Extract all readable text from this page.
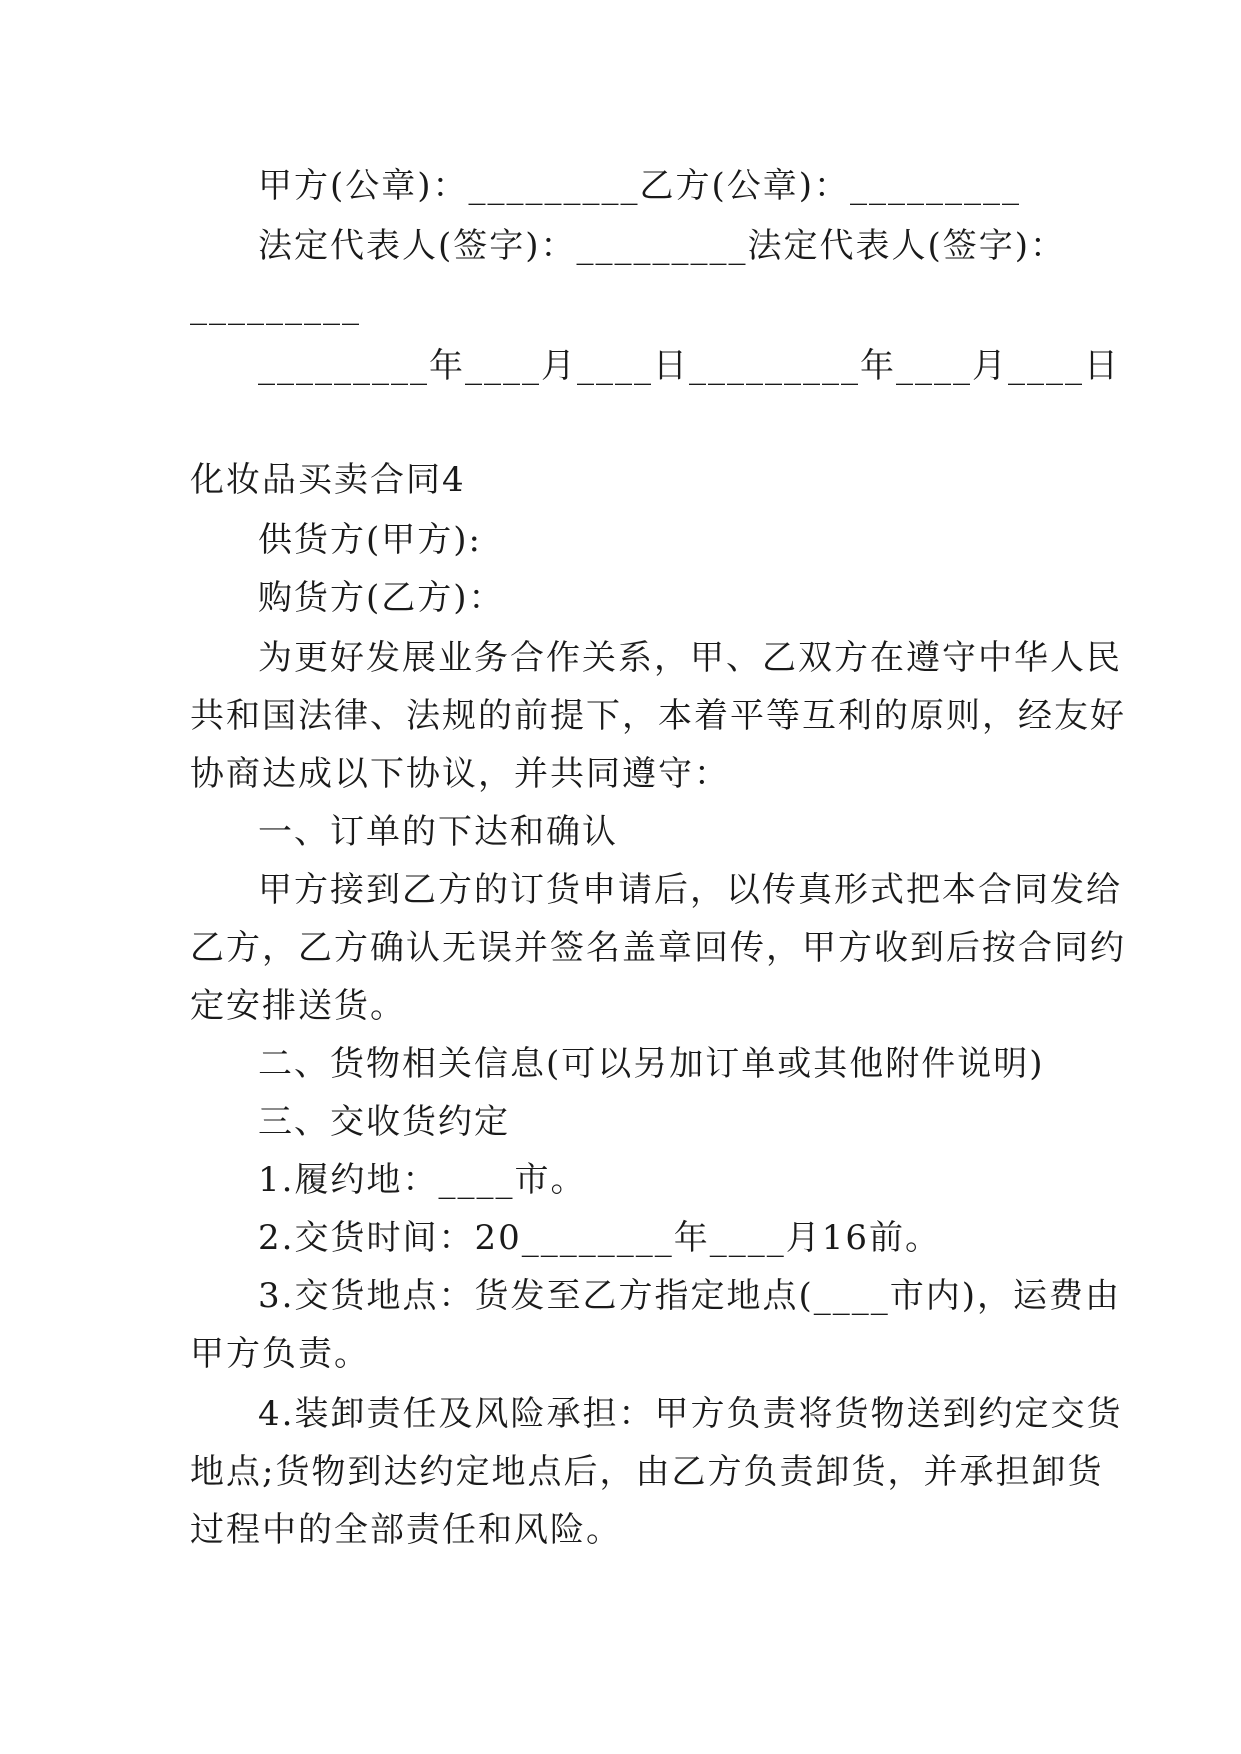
甲方(公章)：_________乙方(公章)：_________
法定代表人(签字)：_________法定代表人(签字)：
_________
_________年____月____日_________年____月____日
化妆品买卖合同4
供货方(甲方):
购货方(乙方)：
为更好发展业务合作关系，甲、乙双方在遵守中华人民
共和国法律、法规的前提下，本着平等互利的原则，经友好
协商达成以下协议，并共同遵守：
一、订单的下达和确认
甲方接到乙方的订货申请后，以传真形式把本合同发给
乙方，乙方确认无误并签名盖章回传，甲方收到后按合同约
定安排送货。
二、货物相关信息(可以另加订单或其他附件说明)
三、交收货约定
1.履约地：____市。
2.交货时间：20________年____月16前。
3.交货地点：货发至乙方指定地点(____市内)，运费由
甲方负责。
4.装卸责任及风险承担：甲方负责将货物送到约定交货
地点;货物到达约定地点后，由乙方负责卸货，并承担卸货
过程中的全部责任和风险。
